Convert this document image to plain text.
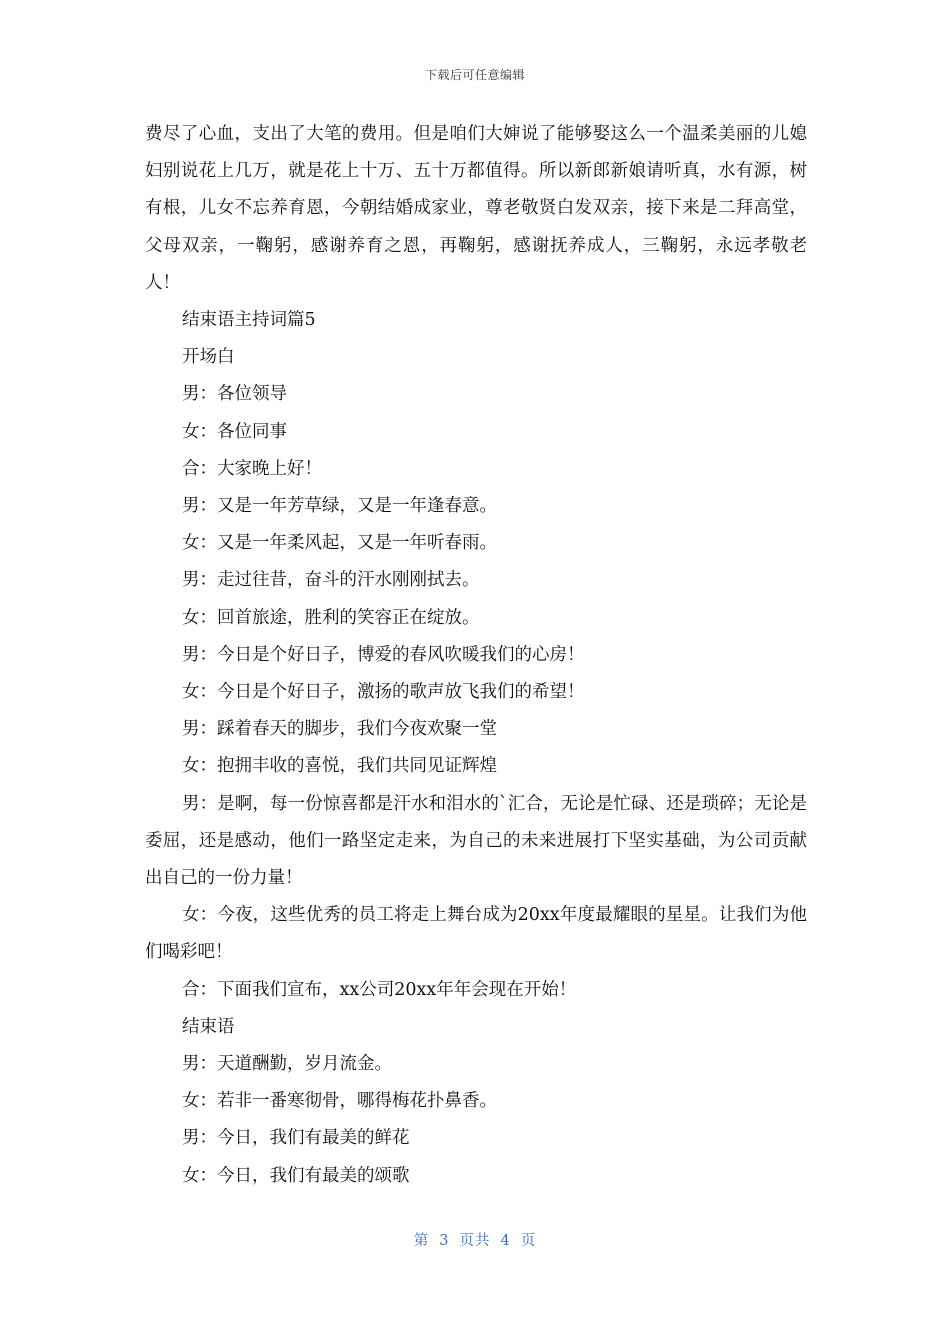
下载后可任意编辑

费尽了心血，支出了大笔的费用。但是咱们大婶说了能够娶这么一个温柔美丽的儿媳妇别说花上几万，就是花上十万、五十万都值得。所以新郎新娘请听真，水有源，树有根，儿女不忘养育恩，今朝结婚成家业，尊老敬贤白发双亲，接下来是二拜高堂，父母双亲，一鞠躬，感谢养育之恩，再鞠躬，感谢抚养成人，三鞠躬，永远孝敬老人！

结束语主持词篇5

开场白

男：各位领导

女：各位同事

合：大家晚上好！

男：又是一年芳草绿，又是一年逢春意。

女：又是一年柔风起，又是一年听春雨。

男：走过往昔，奋斗的汗水刚刚拭去。

女：回首旅途，胜利的笑容正在绽放。

男：今日是个好日子，博爱的春风吹暖我们的心房！

女：今日是个好日子，激扬的歌声放飞我们的希望！

男：踩着春天的脚步，我们今夜欢聚一堂

女：抱拥丰收的喜悦，我们共同见证辉煌

男：是啊，每一份惊喜都是汗水和泪水的`汇合，无论是忙碌、还是琐碎；无论是委屈，还是感动，他们一路坚定走来，为自己的未来进展打下坚实基础，为公司贡献出自己的一份力量！

女：今夜，这些优秀的员工将走上舞台成为20xx年度最耀眼的星星。让我们为他们喝彩吧！

合：下面我们宣布，xx公司20xx年年会现在开始！

结束语

男：天道酬勤，岁月流金。

女：若非一番寒彻骨，哪得梅花扑鼻香。

男：今日，我们有最美的鲜花

女：今日，我们有最美的颂歌

第 3 页共 4 页
